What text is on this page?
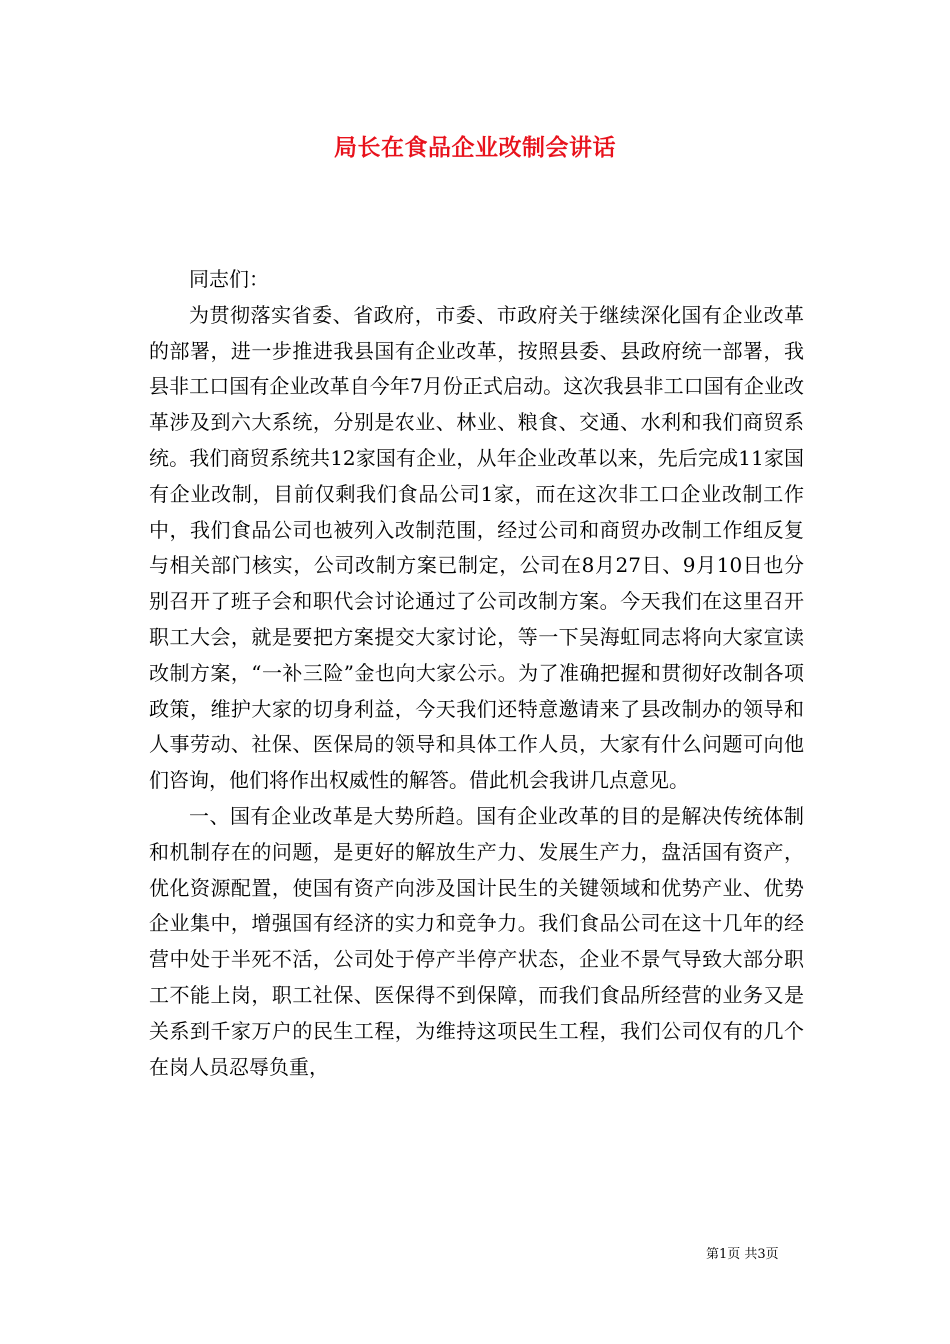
局长在食品企业改制会讲话

同志们：

为贯彻落实省委、省政府，市委、市政府关于继续深化国有企业改革的部署，进一步推进我县国有企业改革，按照县委、县政府统一部署，我县非工口国有企业改革自今年7月份正式启动。这次我县非工口国有企业改革涉及到六大系统，分别是农业、林业、粮食、交通、水利和我们商贸系统。我们商贸系统共12家国有企业，从年企业改革以来，先后完成11家国有企业改制，目前仅剩我们食品公司1家，而在这次非工口企业改制工作中，我们食品公司也被列入改制范围，经过公司和商贸办改制工作组反复与相关部门核实，公司改制方案已制定，公司在8月27日、9月10日也分别召开了班子会和职代会讨论通过了公司改制方案。今天我们在这里召开职工大会，就是要把方案提交大家讨论，等一下吴海虹同志将向大家宣读改制方案，“一补三险”金也向大家公示。为了准确把握和贯彻好改制各项政策，维护大家的切身利益，今天我们还特意邀请来了县改制办的领导和人事劳动、社保、医保局的领导和具体工作人员，大家有什么问题可向他们咨询，他们将作出权威性的解答。借此机会我讲几点意见。

一、国有企业改革是大势所趋。国有企业改革的目的是解决传统体制和机制存在的问题，是更好的解放生产力、发展生产力，盘活国有资产，优化资源配置，使国有资产向涉及国计民生的关键领域和优势产业、优势企业集中，增强国有经济的实力和竞争力。我们食品公司在这十几年的经营中处于半死不活，公司处于停产半停产状态，企业不景气导致大部分职工不能上岗，职工社保、医保得不到保障，而我们食品所经营的业务又是关系到千家万户的民生工程，为维持这项民生工程，我们公司仅有的几个在岗人员忍辱负重，

第1页 共3页
